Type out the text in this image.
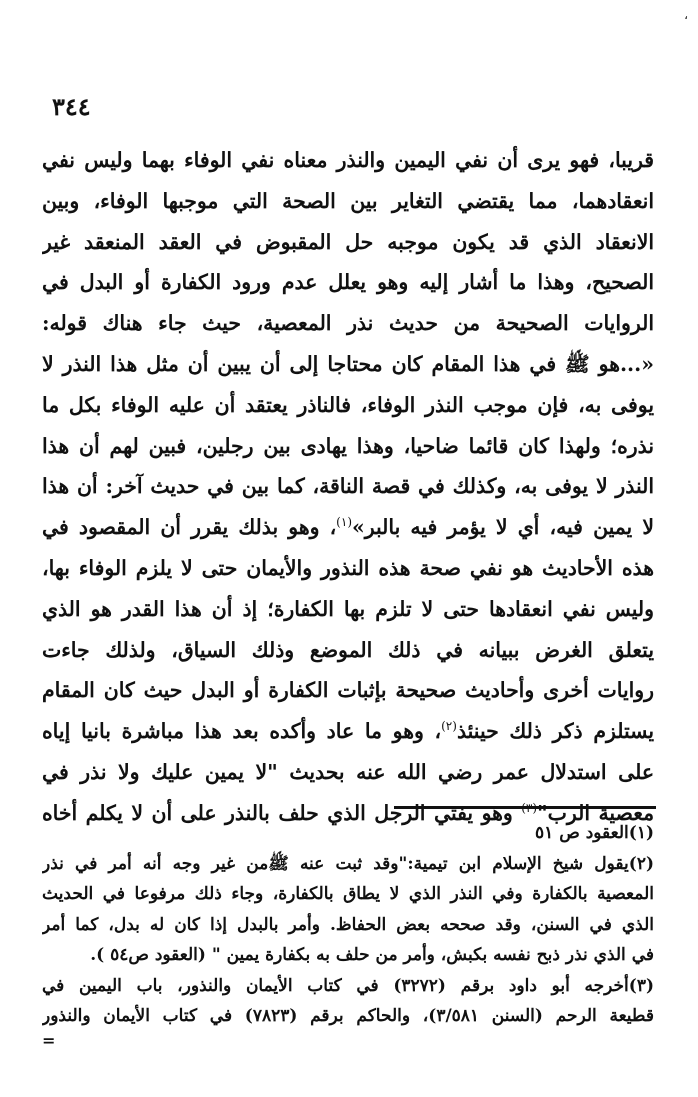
،
٣٤٤
قريبا، فهو يرى أن نفي اليمين والنذر معناه نفي الوفاء بهما وليس نفي
انعقادهما، مما يقتضي التغاير بين الصحة التي موجبها الوفاء، وبين
الانعقاد الذي قد يكون موجبه حل المقبوض في العقد المنعقد غير
الصحيح، وهذا ما أشار إليه وهو يعلل عدم ورود الكفارة أو البدل في
الروايات الصحيحة من حديث نذر المعصية، حيث جاء هناك قوله:
«...هو ﷺ في هذا المقام كان محتاجا إلى أن يبين أن مثل هذا النذر لا
يوفى به، فإن موجب النذر الوفاء، فالناذر يعتقد أن عليه الوفاء بكل ما
نذره؛ ولهذا كان قائما ضاحيا، وهذا يهادى بين رجلين، فبين لهم أن هذا
النذر لا يوفى به، وكذلك في قصة الناقة، كما بين في حديث آخر: أن هذا
لا يمين فيه، أي لا يؤمر فيه بالبر»$^{(١)}$، وهو بذلك يقرر أن المقصود في
هذه الأحاديث هو نفي صحة هذه النذور والأيمان حتى لا يلزم الوفاء بها،
وليس نفي انعقادها حتى لا تلزم بها الكفارة؛ إذ أن هذا القدر هو الذي
يتعلق الغرض ببيانه في ذلك الموضع وذلك السياق، ولذلك جاءت
روايات أخرى وأحاديث صحيحة بإثبات الكفارة أو البدل حيث كان المقام
يستلزم ذكر ذلك حينئذ$^{(٢)}$، وهو ما عاد وأكده بعد هذا مباشرة بانيا إياه
على استدلال عمر رضي الله عنه بحديث "لا يمين عليك ولا نذر في
معصية الرب"$^{(٣)}$ وهو يفتي الرجل الذي حلف بالنذر على أن لا يكلم أخاه
(١)العقود ص ٥١
(٢)يقول شيخ الإسلام ابن تيمية:"وقد ثبت عنه ﷺمن غير وجه أنه أمر في نذر
المعصية بالكفارة وفي النذر الذي لا يطاق بالكفارة، وجاء ذلك مرفوعا في الحديث
الذي في السنن، وقد صححه بعض الحفاظ. وأمر بالبدل إذا كان له بدل، كما أمر
في الذي نذر ذبح نفسه بكبش، وأمر من حلف به بكفارة يمين " (العقود ص٥٤ ).
(٣)أخرجه أبو داود برقم (٣٢٧٢) في كتاب الأيمان والنذور، باب اليمين في
قطيعة الرحم (السنن ٣/٥٨١)، والحاكم برقم (٧٨٢٣) في كتاب الأيمان والنذور
=
